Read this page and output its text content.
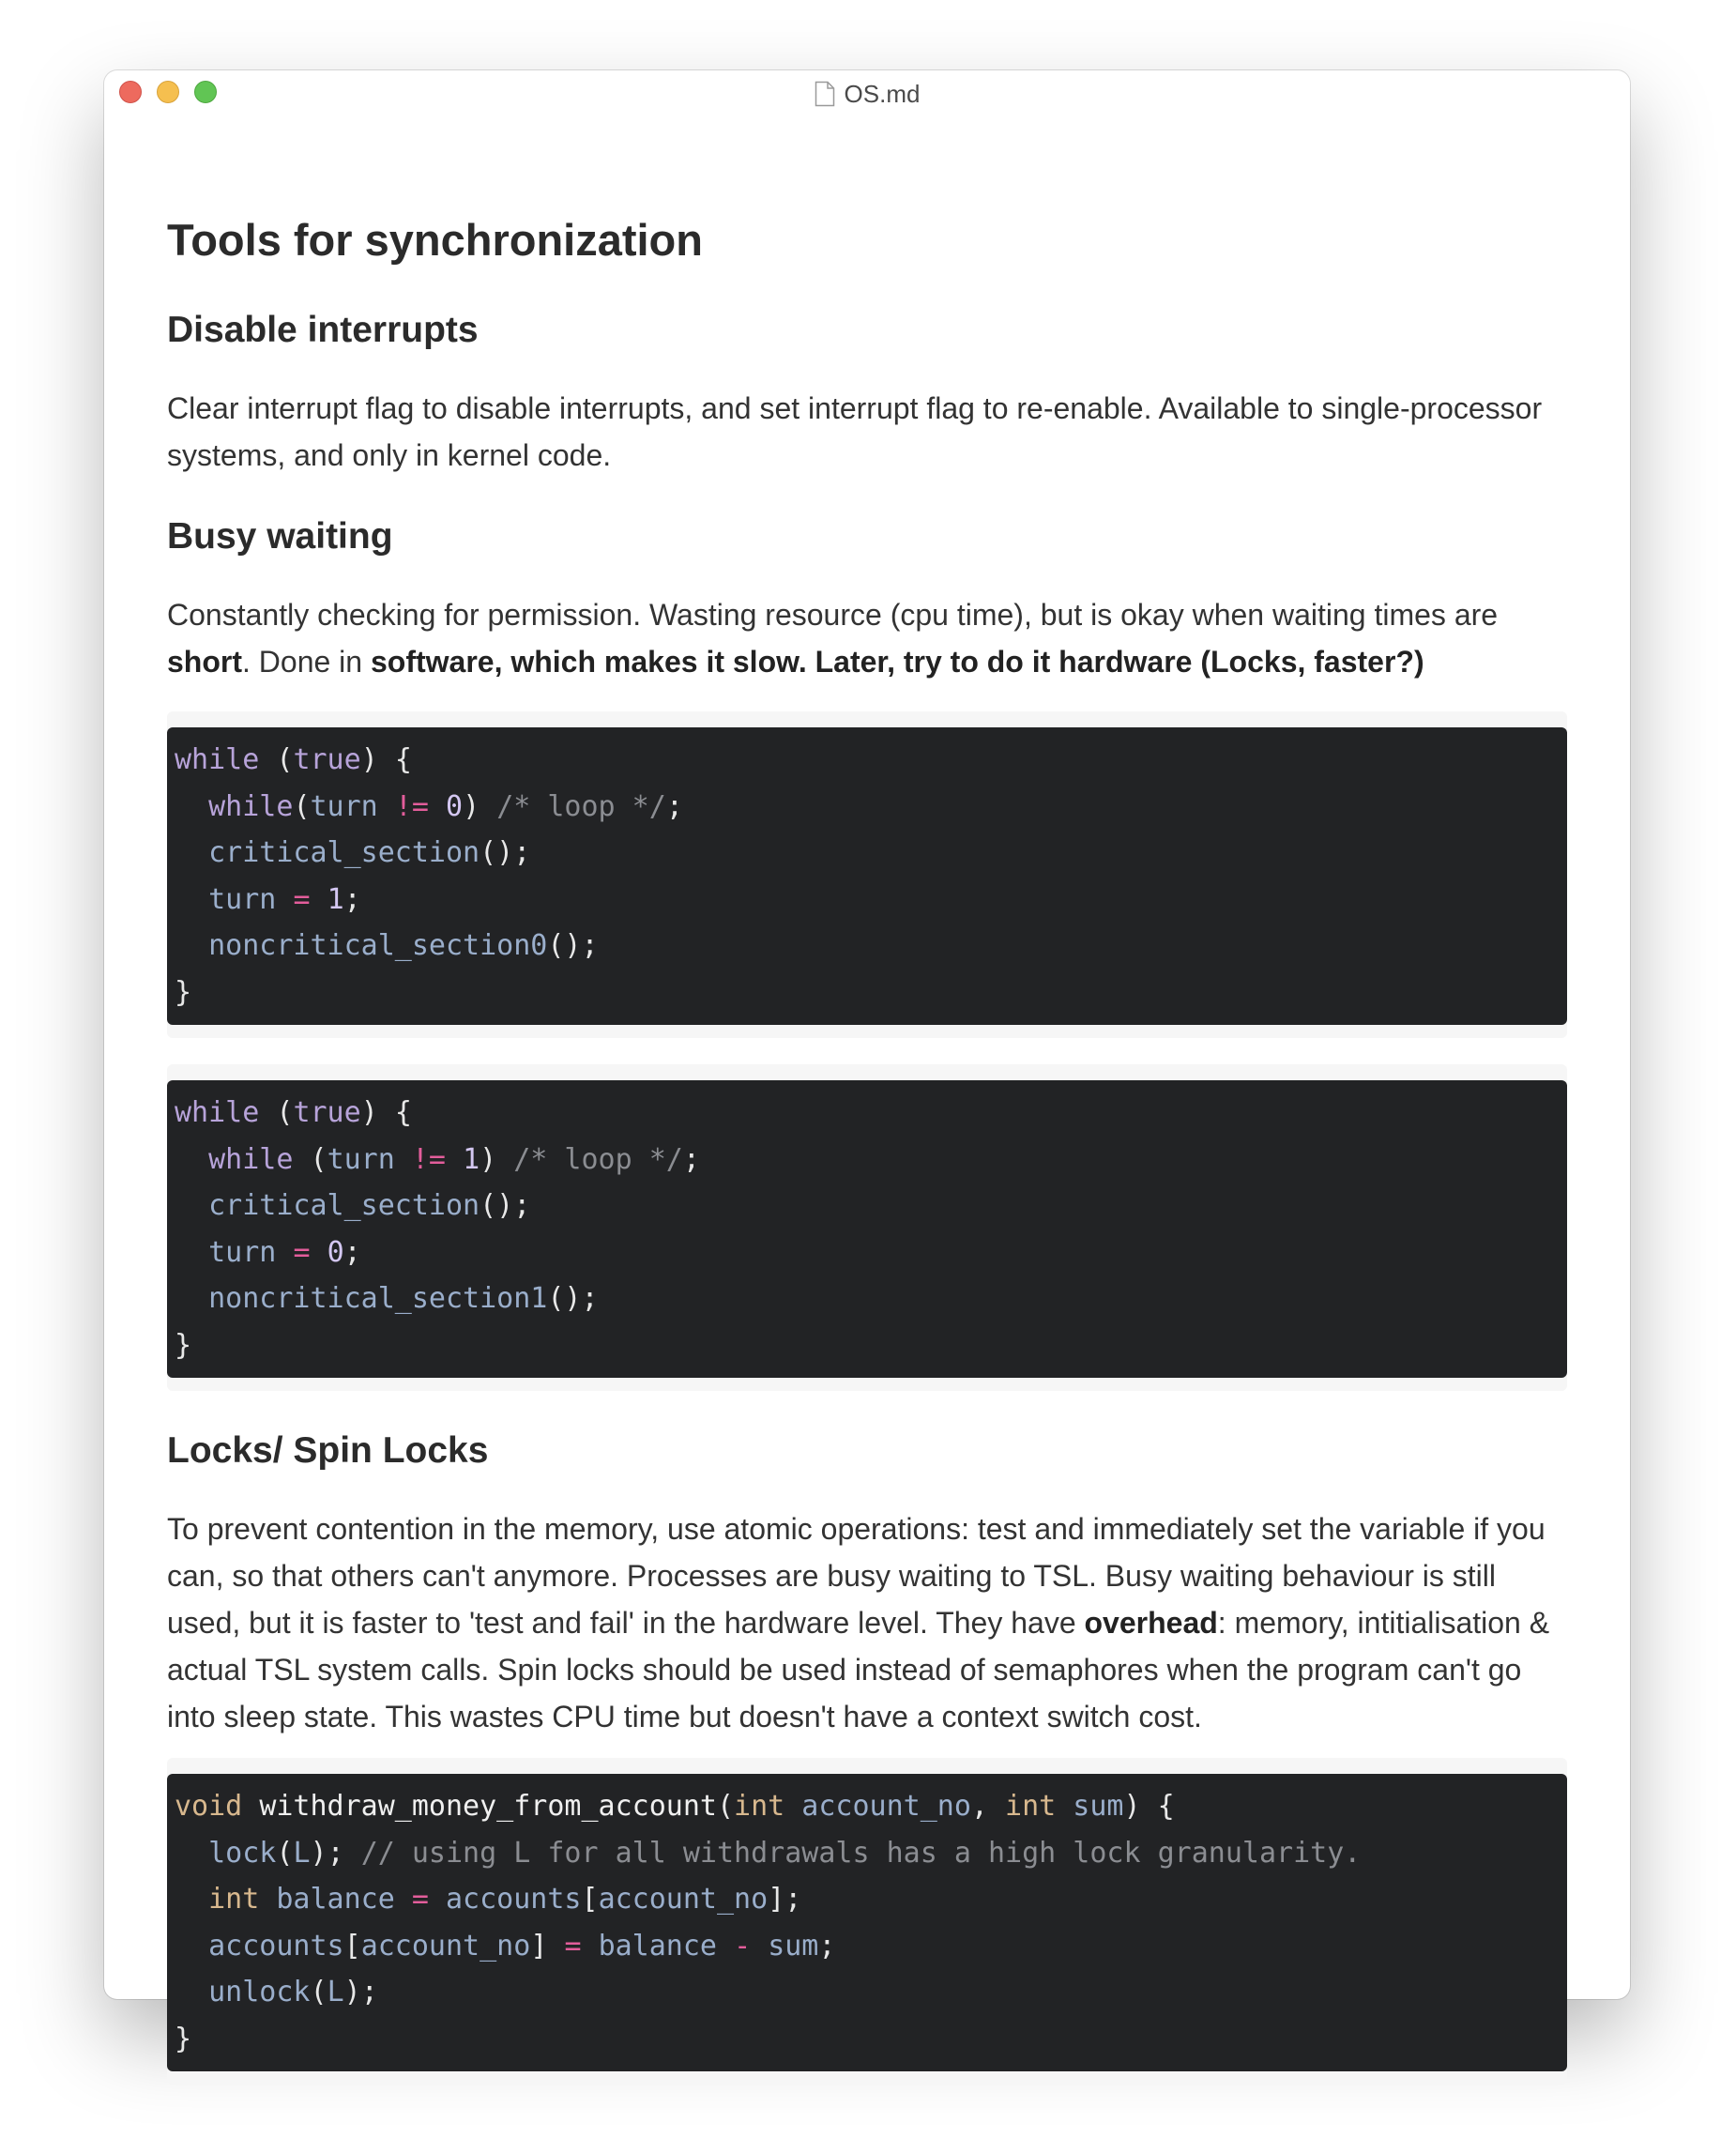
OS.md
Tools for synchronization
Disable interrupts
Clear interrupt flag to disable interrupts, and set interrupt flag to re-enable. Available to single-processor systems, and only in kernel code.
Busy waiting
Constantly checking for permission. Wasting resource (cpu time), but is okay when waiting times are short. Done in software, which makes it slow. Later, try to do it hardware (Locks, faster?)
while (true) {
while(turn != 0) /* loop */;
critical_section();
turn = 1;
noncritical_section0();
}
while (true) {
while (turn != 1) /* loop */;
critical_section();
turn = 0;
noncritical_section1();
}
Locks/ Spin Locks
To prevent contention in the memory, use atomic operations: test and immediately set the variable if you can, so that others can't anymore. Processes are busy waiting to TSL. Busy waiting behaviour is still used, but it is faster to 'test and fail' in the hardware level. They have overhead: memory, intitialisation & actual TSL system calls. Spin locks should be used instead of semaphores when the program can't go into sleep state. This wastes CPU time but doesn't have a context switch cost.
void withdraw_money_from_account(int account_no, int sum) {
lock(L); // using L for all withdrawals has a high lock granularity.
int balance = accounts[account_no];
accounts[account_no] = balance - sum;
unlock(L);
}
